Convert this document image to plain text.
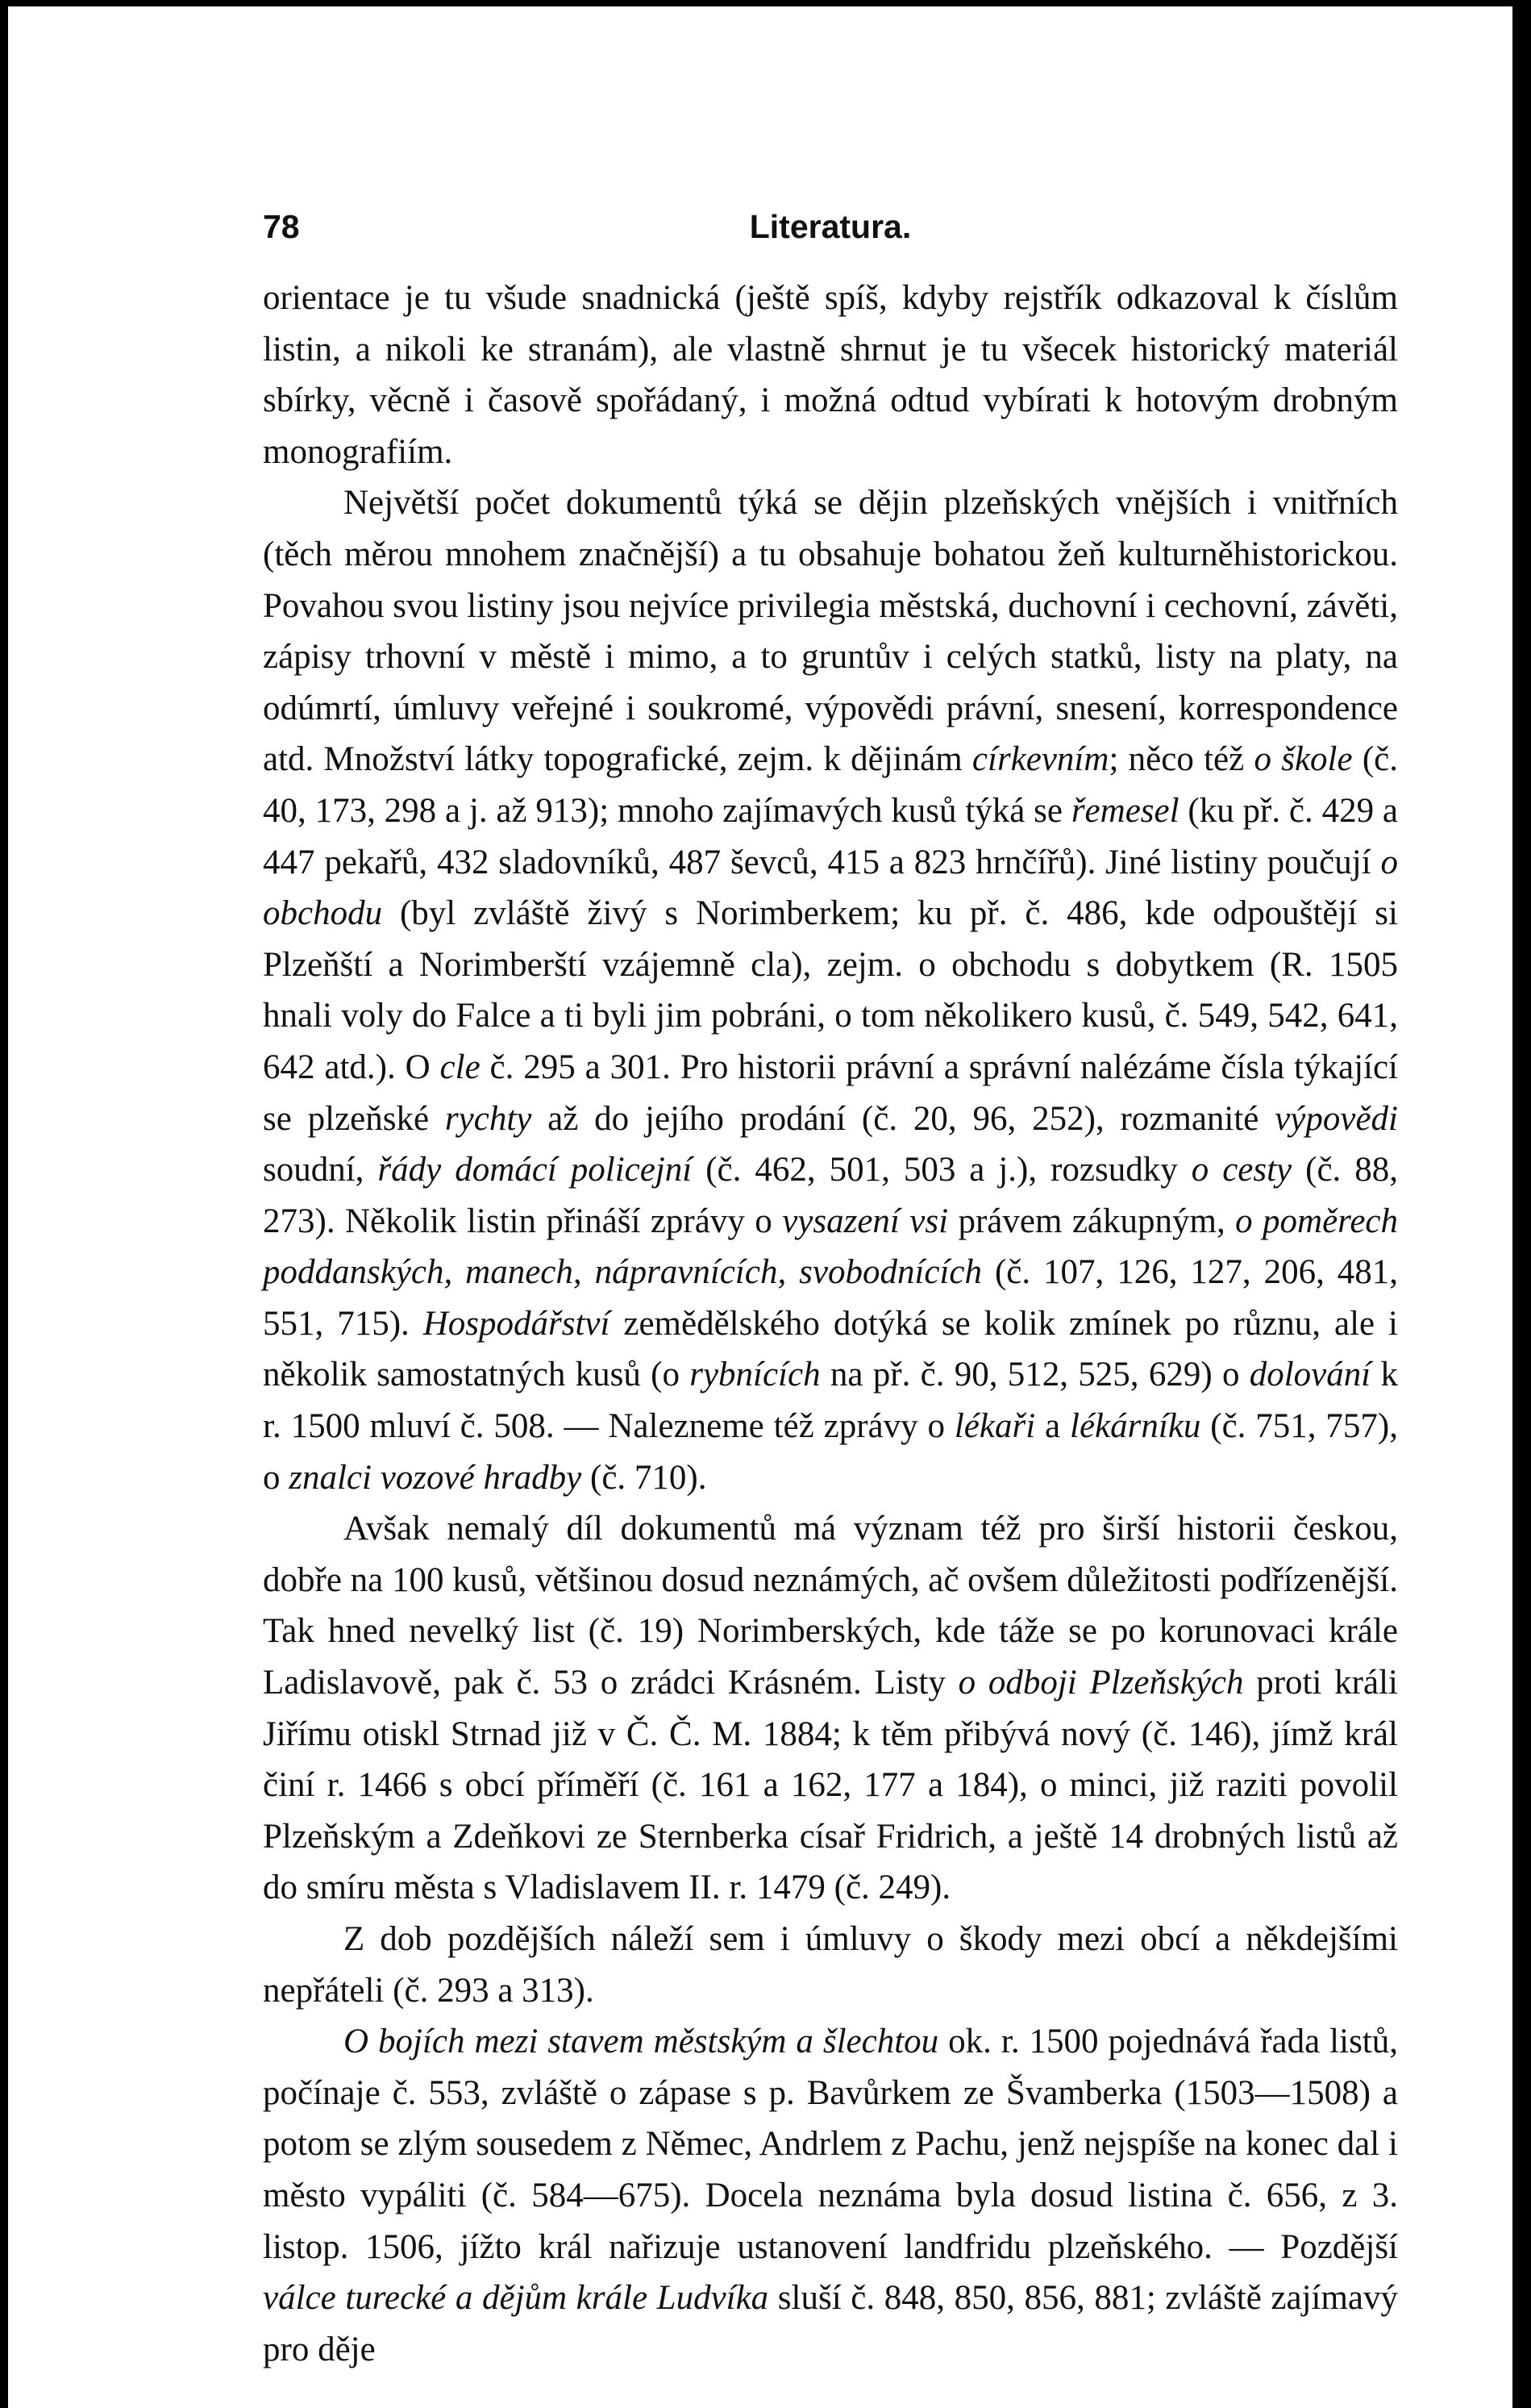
78	Literatura.

orientace je tu všude snadnická (ještě spíš, kdyby rejstřík odkazoval k číslům listin, a nikoli ke stranám), ale vlastně shrnut je tu všecek historický materiál sbírky, věcně i časově spořádaný, i možná odtud vybírati k hotovým drobným monografiím.

Největší počet dokumentů týká se dějin plzeňských vnějších i vnitřních (těch měrou mnohem značnější) a tu obsahuje bohatou žeň kulturněhistorickou. Povahou svou listiny jsou nejvíce privilegia městská, duchovní i cechovní, závěti, zápisy trhovní v městě i mimo, a to gruntův i celých statků, listy na platy, na odúmrtí, úmluvy veřejné i soukromé, výpovědi právní, snesení, korrespondence atd. Množství látky topografické, zejm. k dějinám církevním; něco též o škole (č. 40, 173, 298 a j. až 913); mnoho zajímavých kusů týká se řemesel (ku př. č. 429 a 447 pekařů, 432 sladovníků, 487 ševců, 415 a 823 hrnčířů). Jiné listiny poučují o obchodu (byl zvláště živý s Norimberkem; ku př. č. 486, kde odpouštějí si Plzeňští a Norimberští vzájemně cla), zejm. o obchodu s dobytkem (R. 1505 hnali voly do Falce a ti byli jim pobráni, o tom několikero kusů, č. 549, 542, 641, 642 atd.). O cle č. 295 a 301. Pro historii právní a správní nalézáme čísla týkající se plzeňské rychty až do jejího prodání (č. 20, 96, 252), rozmanité výpovědi soudní, řády domácí policejní (č. 462, 501, 503 a j.), rozsudky o cesty (č. 88, 273). Několik listin přináší zprávy o vysazení vsi právem zákupným, o poměrech poddanských, manech, nápravnících, svobodnících (č. 107, 126, 127, 206, 481, 551, 715). Hospodářství zemědělského dotýká se kolik zmínek po různu, ale i několik samostatných kusů (o rybnících na př. č. 90, 512, 525, 629) o dolování k r. 1500 mluví č. 508. — Nalezneme též zprávy o lékaři a lékárníku (č. 751, 757), o znalci vozové hradby (č. 710).

Avšak nemalý díl dokumentů má význam též pro širší historii českou, dobře na 100 kusů, většinou dosud neznámých, ač ovšem důležitosti podřízenější. Tak hned nevelký list (č. 19) Norimberských, kde táže se po korunovaci krále Ladislavově, pak č. 53 o zrádci Krásném. Listy o odboji Plzeňských proti králi Jiřímu otiskl Strnad již v Č. Č. M. 1884; k těm přibývá nový (č. 146), jímž král činí r. 1466 s obcí příměří (č. 161 a 162, 177 a 184), o minci, již raziti povolil Plzeňským a Zdeňkovi ze Sternberka císař Fridrich, a ještě 14 drobných listů až do smíru města s Vladislavem II. r. 1479 (č. 249).

Z dob pozdějších náleží sem i úmluvy o škody mezi obcí a někdejšími nepřáteli (č. 293 a 313).

O bojích mezi stavem městským a šlechtou ok. r. 1500 pojednává řada listů, počínaje č. 553, zvláště o zápase s p. Bavůrkem ze Švamberka (1503—1508) a potom se zlým sousedem z Němec, Andrlem z Pachu, jenž nejspíše na konec dal i město vypáliti (č. 584—675). Docela neznáma byla dosud listina č. 656, z 3. listop. 1506, jížto král nařizuje ustanovení landfridu plzeňského. — Pozdější válce turecké a dějům krále Ludvíka sluší č. 848, 850, 856, 881; zvláště zajímavý pro děje
